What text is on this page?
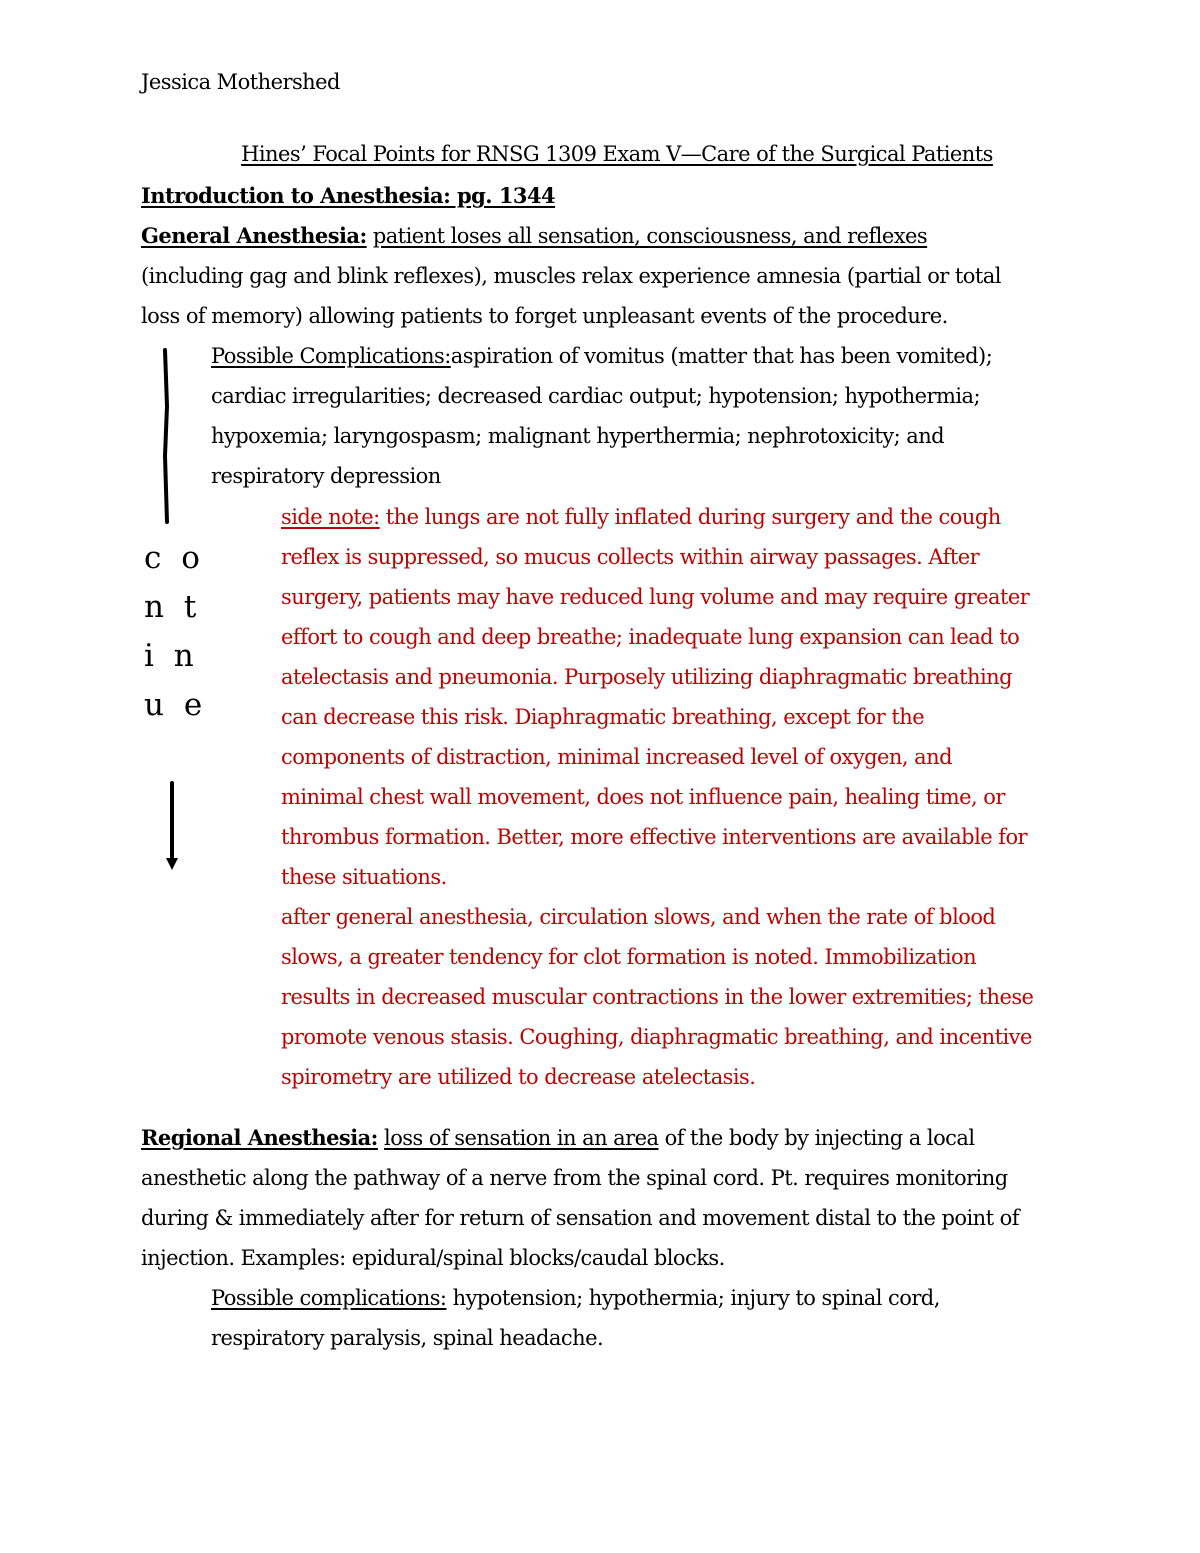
Jessica Mothershed
Hines’ Focal Points for RNSG 1309 Exam V—Care of the Surgical Patients

Introduction to Anesthesia: pg. 1344

General Anesthesia: patient loses all sensation, consciousness, and reflexes

(including gag and blink reflexes), muscles relax experience amnesia (partial or total

loss of memory) allowing patients to forget unpleasant events of the procedure.

Possible Complications:aspiration of vomitus (matter that has been vomited);

cardiac irregularities; decreased cardiac output; hypotension; hypothermia;

hypoxemia; laryngospasm; malignant hyperthermia; nephrotoxicity; and

respiratory depression

side note: the lungs are not fully inflated during surgery and the cough

reflex is suppressed, so mucus collects within airway passages. After

surgery, patients may have reduced lung volume and may require greater

effort to cough and deep breathe; inadequate lung expansion can lead to

atelectasis and pneumonia. Purposely utilizing diaphragmatic breathing

can decrease this risk. Diaphragmatic breathing, except for the

components of distraction, minimal increased level of oxygen, and

minimal chest wall movement, does not influence pain, healing time, or

thrombus formation. Better, more effective interventions are available for

these situations.

after general anesthesia, circulation slows, and when the rate of blood

slows, a greater tendency for clot formation is noted. Immobilization

results in decreased muscular contractions in the lower extremities; these

promote venous stasis. Coughing, diaphragmatic breathing, and incentive

spirometry are utilized to decrease atelectasis.

c o
n t
i n
u e

Regional Anesthesia: loss of sensation in an area of the body by injecting a local

anesthetic along the pathway of a nerve from the spinal cord. Pt. requires monitoring

during & immediately after for return of sensation and movement distal to the point of

injection. Examples: epidural/spinal blocks/caudal blocks.

Possible complications: hypotension; hypothermia; injury to spinal cord,

respiratory paralysis, spinal headache.
